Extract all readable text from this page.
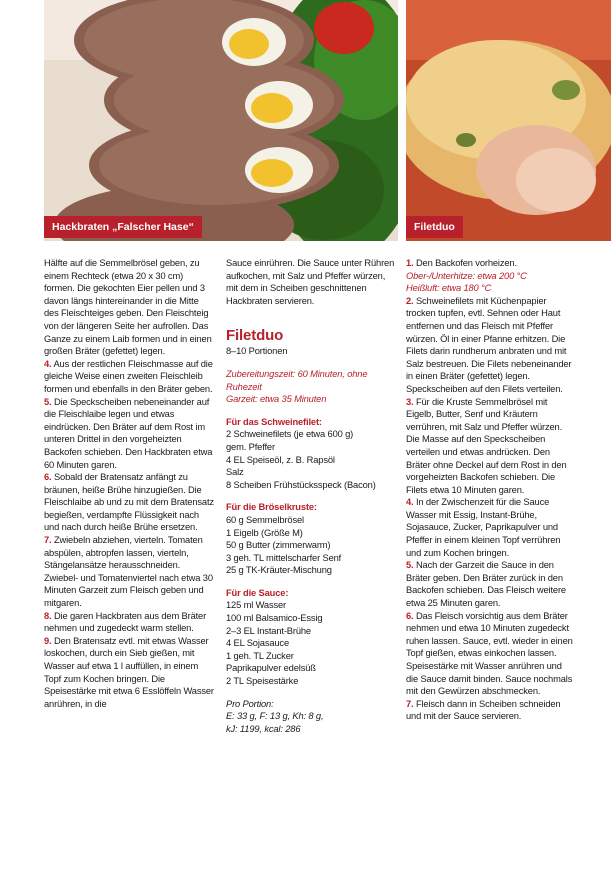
Hackbraten „Falscher Hase“	Filetduo

Hälfte auf die Semmelbrösel geben, zu einem Rechteck (etwa 20 x 30 cm) formen. Die gekochten Eier pellen und 3 davon längs hintereinander in die Mitte des Fleischteiges geben. Den Fleischteig von der längeren Seite her aufrollen. Das Ganze zu einem Laib formen und in einen großen Bräter (gefettet) legen.

4. Aus der restlichen Fleischmasse auf die gleiche Weise einen zweiten Fleischleib formen und ebenfalls in den Bräter geben.

5. Die Speckscheiben nebeneinander auf die Fleischlaibe legen und etwas eindrücken. Den Bräter auf dem Rost im unteren Drittel in den vorgeheizten Backofen schieben. Den Hackbraten etwa 60 Minuten garen.

6. Sobald der Bratensatz anfängt zu bräunen, heiße Brühe hinzugießen. Die Fleischlaibe ab und zu mit dem Bratensatz begießen, verdampfte Flüssigkeit nach und nach durch heiße Brühe ersetzen.

7. Zwiebeln abziehen, vierteln. Tomaten abspülen, abtropfen lassen, vierteln, Stängelansätze herausschneiden. Zwiebel- und Tomatenviertel nach etwa 30 Minuten Garzeit zum Fleisch geben und mitgaren.

8. Die garen Hackbraten aus dem Bräter nehmen und zugedeckt warm stellen.

9. Den Bratensatz evtl. mit etwas Wasser loskochen, durch ein Sieb gießen, mit Wasser auf etwa 1 l auffüllen, in einem Topf zum Kochen bringen. Die Speisestärke mit etwa 6 Esslöffeln Wasser anrühren, in die

Sauce einrühren. Die Sauce unter Rühren aufkochen, mit Salz und Pfeffer würzen, mit dem in Scheiben geschnittenen Hackbraten servieren.

Filetduo

8–10 Portionen

Zubereitungszeit: 60 Minuten, ohne Ruhezeit

Garzeit: etwa 35 Minuten

Für das Schweinefilet:

2 Schweinefilets (je etwa 600 g)

gem. Pfeffer

4 EL Speiseöl, z. B. Rapsöl

Salz

8 Scheiben Frühstücksspeck (Bacon)

Für die Bröselkruste:

60 g Semmelbrösel

1 Eigelb (Größe M)

50 g Butter (zimmerwarm)

3 geh. TL mittelscharfer Senf

25 g TK-Kräuter-Mischung

Für die Sauce:

125 ml Wasser

100 ml Balsamico-Essig

2–3 EL Instant-Brühe

4 EL Sojasauce

1 geh. TL Zucker

Paprikapulver edelsüß

2 TL Speisestärke

Pro Portion:

E: 33 g, F: 13 g, Kh: 8 g,

kJ: 1199, kcal: 286

1. Den Backofen vorheizen.

Ober-/Unterhitze: etwa 200 °C

Heißluft: etwa 180 °C

2. Schweinefilets mit Küchenpapier trocken tupfen, evtl. Sehnen oder Haut entfernen und das Fleisch mit Pfeffer würzen. Öl in einer Pfanne erhitzen. Die Filets darin rundherum anbraten und mit Salz bestreuen. Die Filets nebeneinander in einen Bräter (gefettet) legen. Speckscheiben auf den Filets verteilen.

3. Für die Kruste Semmelbrösel mit Eigelb, Butter, Senf und Kräutern verrühren, mit Salz und Pfeffer würzen. Die Masse auf den Speckscheiben verteilen und etwas andrücken. Den Bräter ohne Deckel auf dem Rost in den vorgeheizten Backofen schieben. Die Filets etwa 10 Minuten garen.

4. In der Zwischenzeit für die Sauce Wasser mit Essig, Instant-Brühe, Sojasauce, Zucker, Paprikapulver und Pfeffer in einem kleinen Topf verrühren und zum Kochen bringen.

5. Nach der Garzeit die Sauce in den Bräter geben. Den Bräter zurück in den Backofen schieben. Das Fleisch weitere etwa 25 Minuten garen.

6. Das Fleisch vorsichtig aus dem Bräter nehmen und etwa 10 Minuten zugedeckt ruhen lassen. Sauce, evtl. wieder in einen Topf gießen, etwas einkochen lassen. Speisestärke mit Wasser anrühren und die Sauce damit binden. Sauce nochmals mit den Gewürzen abschmecken.

7. Fleisch dann in Scheiben schneiden und mit der Sauce servieren.
